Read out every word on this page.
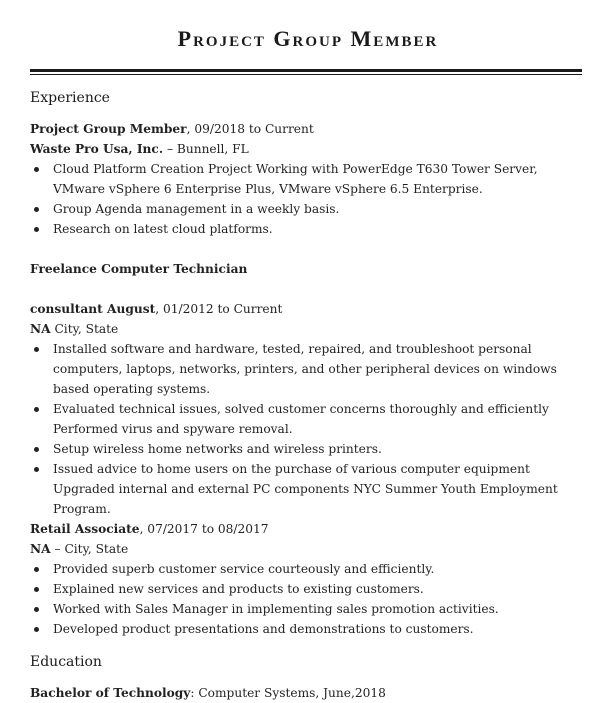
Project Group Member
Experience
Project Group Member, 09/2018 to Current
Waste Pro Usa, Inc. – Bunnell, FL
Cloud Platform Creation Project Working with PowerEdge T630 Tower Server, VMware vSphere 6 Enterprise Plus, VMware vSphere 6.5 Enterprise.
Group Agenda management in a weekly basis.
Research on latest cloud platforms.
Freelance Computer Technician
consultant August, 01/2012 to Current
NA City, State
Installed software and hardware, tested, repaired, and troubleshoot personal computers, laptops, networks, printers, and other peripheral devices on windows based operating systems.
Evaluated technical issues, solved customer concerns thoroughly and efficiently Performed virus and spyware removal.
Setup wireless home networks and wireless printers.
Issued advice to home users on the purchase of various computer equipment Upgraded internal and external PC components NYC Summer Youth Employment Program.
Retail Associate, 07/2017 to 08/2017
NA – City, State
Provided superb customer service courteously and efficiently.
Explained new services and products to existing customers.
Worked with Sales Manager in implementing sales promotion activities.
Developed product presentations and demonstrations to customers.
Education
Bachelor of Technology: Computer Systems, June,2018
